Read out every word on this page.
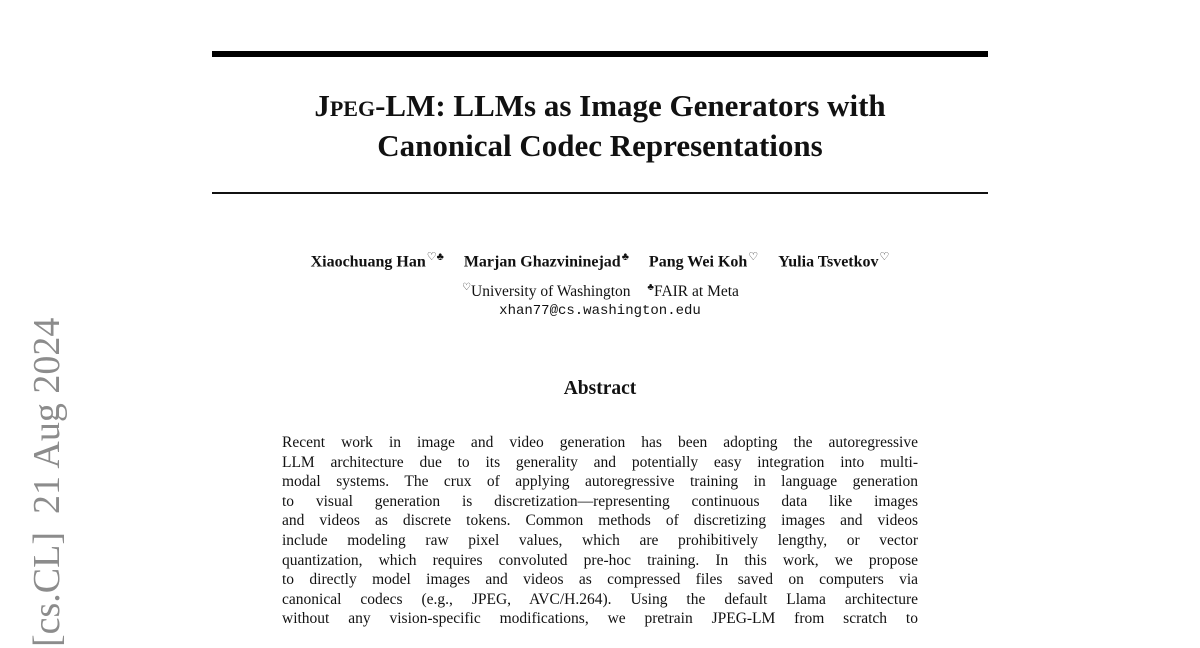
Jpeg-LM: LLMs as Image Generators with
Canonical Codec Representations
Xiaochuang Han♡♣ Marjan Ghazvininejad♣ Pang Wei Koh♡ Yulia Tsvetkov♡
♡University of Washington ♣FAIR at Meta
xhan77@cs.washington.edu
Abstract
Recent work in image and video generation has been adopting the autoregressive
LLM architecture due to its generality and potentially easy integration into multi-
modal systems. The crux of applying autoregressive training in language generation
to visual generation is discretization—representing continuous data like images
and videos as discrete tokens. Common methods of discretizing images and videos
include modeling raw pixel values, which are prohibitively lengthy, or vector
quantization, which requires convoluted pre-hoc training. In this work, we propose
to directly model images and videos as compressed files saved on computers via
canonical codecs (e.g., JPEG, AVC/H.264). Using the default Llama architecture
without any vision-specific modifications, we pretrain JPEG-LM from scratch to
[cs.CL]21 Aug 2024
